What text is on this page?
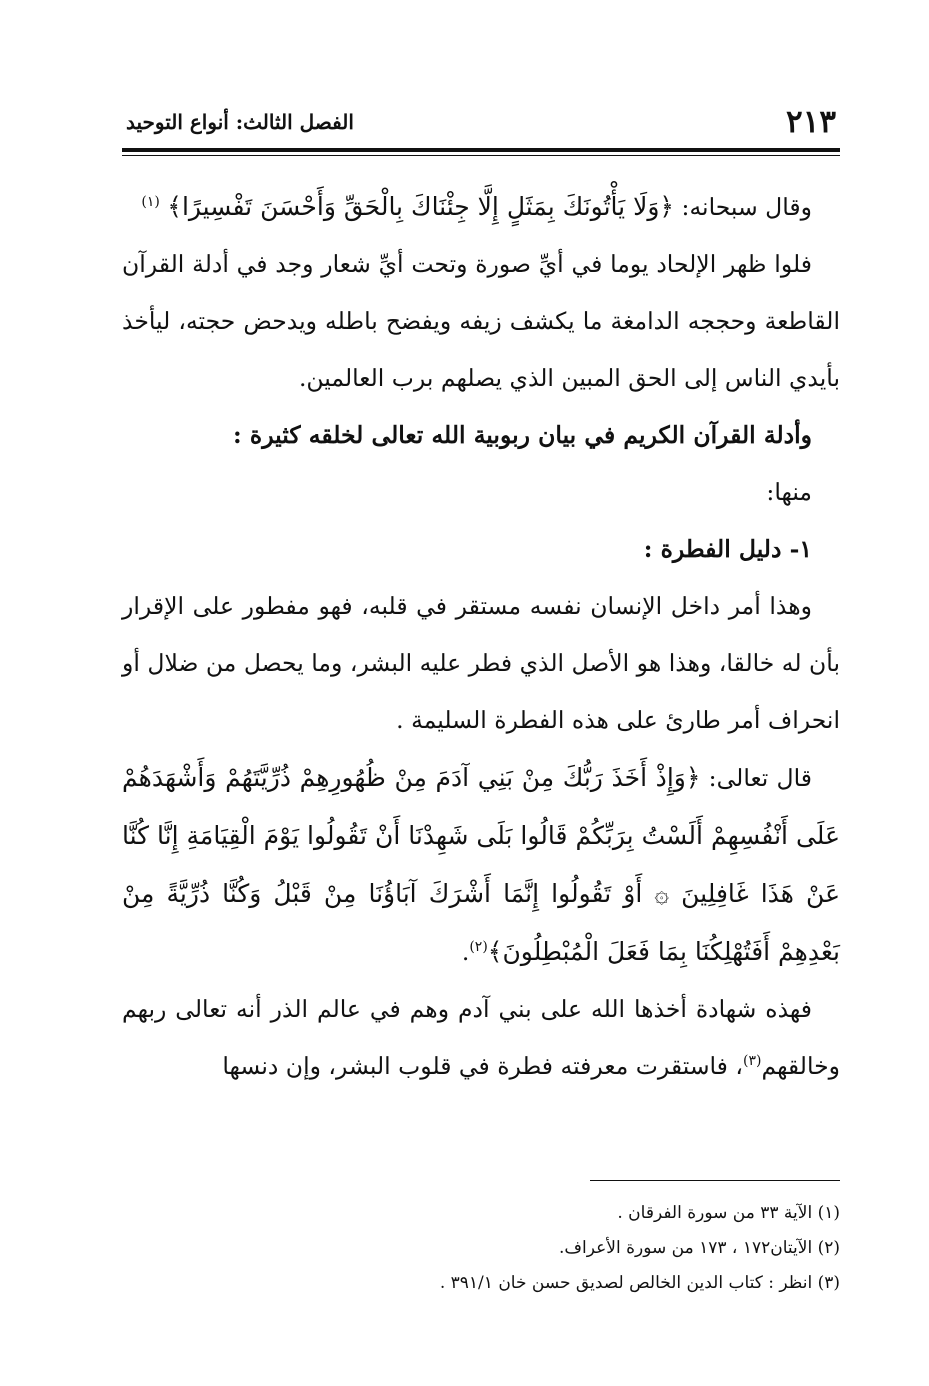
٢١٣
الفصل الثالث: أنواع التوحيد

وقال سبحانه: ﴿وَلَا يَأْتُونَكَ بِمَثَلٍ إِلَّا جِئْنَاكَ بِالْحَقِّ وَأَحْسَنَ تَفْسِيرًا﴾ $^{(١)}$

فلوا ظهر الإلحاد يوما في أيِّ صورة وتحت أيِّ شعار وجد في أدلة القرآن القاطعة وحججه الدامغة ما يكشف زيفه ويفضح باطله ويدحض حجته، ليأخذ بأيدي الناس إلى الحق المبين الذي يصلهم برب العالمين.

وأدلة القرآن الكريم في بيان ربوبية الله تعالى لخلقه كثيرة :

منها:

١- دليل الفطرة :

وهذا أمر داخل الإنسان نفسه مستقر في قلبه، فهو مفطور على الإقرار بأن له خالقا، وهذا هو الأصل الذي فطر عليه البشر، وما يحصل من ضلال أو انحراف أمر طارئ على هذه الفطرة السليمة .

قال تعالى: ﴿وَإِذْ أَخَذَ رَبُّكَ مِنْ بَنِي آدَمَ مِنْ ظُهُورِهِمْ ذُرِّيَّتَهُمْ وَأَشْهَدَهُمْ عَلَى أَنْفُسِهِمْ أَلَسْتُ بِرَبِّكُمْ قَالُوا بَلَى شَهِدْنَا أَنْ تَقُولُوا يَوْمَ الْقِيَامَةِ إِنَّا كُنَّا عَنْ هَذَا غَافِلِينَ ۞ أَوْ تَقُولُوا إِنَّمَا أَشْرَكَ آبَاؤُنَا مِنْ قَبْلُ وَكُنَّا ذُرِّيَّةً مِنْ بَعْدِهِمْ أَفَتُهْلِكُنَا بِمَا فَعَلَ الْمُبْطِلُونَ﴾$^{(٢)}$.

فهذه شهادة أخذها الله على بني آدم وهم في عالم الذر أنه تعالى ربهم وخالقهم$^{(٣)}$، فاستقرت معرفته فطرة في قلوب البشر، وإن دنسها

(١) الآية ٣٣ من سورة الفرقان .
(٢) الآيتان١٧٢ ، ١٧٣ من سورة الأعراف.
(٣) انظر : كتاب الدين الخالص لصديق حسن خان ٣٩١/١ .
